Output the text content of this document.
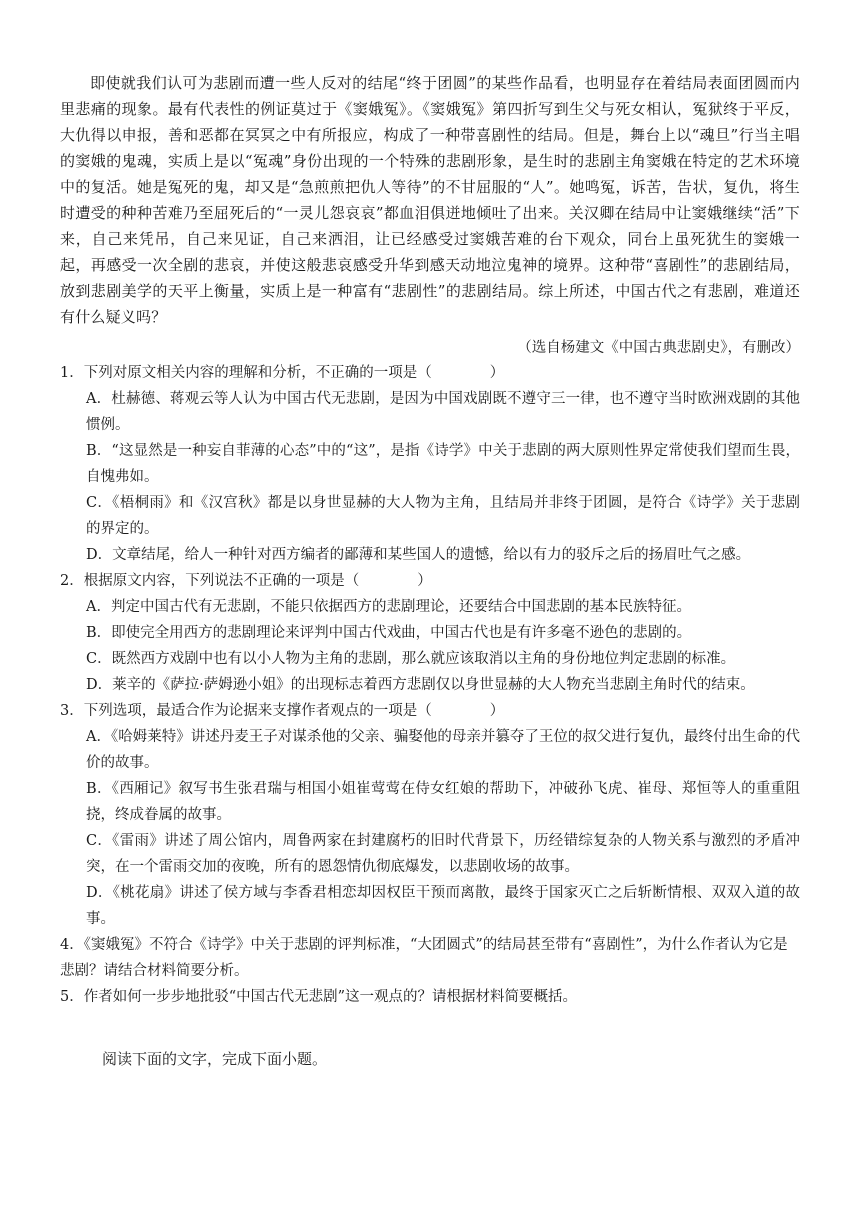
即使就我们认可为悲剧而遭一些人反对的结尾“终于团圆”的某些作品看，也明显存在着结局表面团圆而内里悲痛的现象。最有代表性的例证莫过于《窦娥冤》。《窦娥冤》第四折写到生父与死女相认，冤狱终于平反，大仇得以申报，善和恶都在冥冥之中有所报应，构成了一种带喜剧性的结局。但是，舞台上以“魂旦”行当主唱的窦娥的鬼魂，实质上是以“冤魂”身份出现的一个特殊的悲剧形象，是生时的悲剧主角窦娥在特定的艺术环境中的复活。她是冤死的鬼，却又是“急煎煎把仇人等待”的不甘屈服的“人”。她鸣冤，诉苦，告状，复仇，将生时遭受的种种苦难乃至屈死后的“一灵儿怨哀哀”都血泪俱迸地倾吐了出来。关汉卿在结局中让窦娥继续“活”下来，自己来凭吊，自己来见证，自己来洒泪，让已经感受过窦娥苦难的台下观众，同台上虽死犹生的窦娥一起，再感受一次全剧的悲哀，并使这般悲哀感受升华到感天动地泣鬼神的境界。这种带“喜剧性”的悲剧结局，放到悲剧美学的天平上衡量，实质上是一种富有“悲剧性”的悲剧结局。综上所述，中国古代之有悲剧，难道还有什么疑义吗？

（选自杨建文《中国古典悲剧史》，有删改）

1．下列对原文相关内容的理解和分析，不正确的一项是（　　　　）

A．杜赫德、蒋观云等人认为中国古代无悲剧，是因为中国戏剧既不遵守三一律，也不遵守当时欧洲戏剧的其他惯例。

B．“这显然是一种妄自菲薄的心态”中的“这”，是指《诗学》中关于悲剧的两大原则性界定常使我们望而生畏，自愧弗如。

C．《梧桐雨》和《汉宫秋》都是以身世显赫的大人物为主角，且结局并非终于团圆，是符合《诗学》关于悲剧的界定的。

D．文章结尾，给人一种针对西方编者的鄙薄和某些国人的遗憾，给以有力的驳斥之后的扬眉吐气之感。

2．根据原文内容，下列说法不正确的一项是（　　　　）

A．判定中国古代有无悲剧，不能只依据西方的悲剧理论，还要结合中国悲剧的基本民族特征。

B．即使完全用西方的悲剧理论来评判中国古代戏曲，中国古代也是有许多毫不逊色的悲剧的。

C．既然西方戏剧中也有以小人物为主角的悲剧，那么就应该取消以主角的身份地位判定悲剧的标准。

D．莱辛的《萨拉·萨姆逊小姐》的出现标志着西方悲剧仅以身世显赫的大人物充当悲剧主角时代的结束。

3．下列选项，最适合作为论据来支撑作者观点的一项是（　　　　）

A．《哈姆莱特》讲述丹麦王子对谋杀他的父亲、骗娶他的母亲并篡夺了王位的叔父进行复仇，最终付出生命的代价的故事。

B．《西厢记》叙写书生张君瑞与相国小姐崔莺莺在侍女红娘的帮助下，冲破孙飞虎、崔母、郑恒等人的重重阻挠，终成眷属的故事。

C．《雷雨》讲述了周公馆内，周鲁两家在封建腐朽的旧时代背景下，历经错综复杂的人物关系与激烈的矛盾冲突，在一个雷雨交加的夜晚，所有的恩怨情仇彻底爆发，以悲剧收场的故事。

D．《桃花扇》讲述了侯方域与李香君相恋却因权臣干预而离散，最终于国家灭亡之后斩断情根、双双入道的故事。

4．《窦娥冤》不符合《诗学》中关于悲剧的评判标准，“大团圆式”的结局甚至带有“喜剧性”，为什么作者认为它是悲剧？请结合材料简要分析。

5．作者如何一步步地批驳“中国古代无悲剧”这一观点的？请根据材料简要概括。

阅读下面的文字，完成下面小题。
